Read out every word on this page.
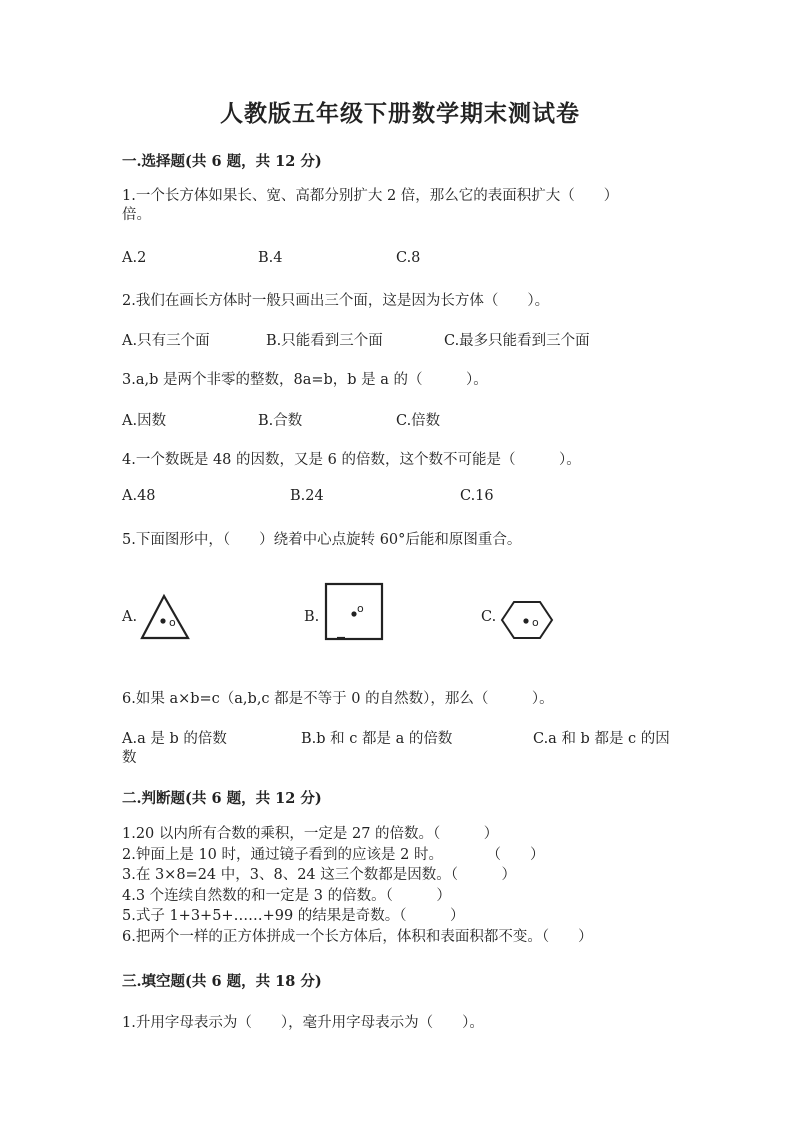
人教版五年级下册数学期末测试卷
一.选择题(共 6 题，共 12 分)
1.一个长方体如果长、宽、高都分别扩大 2 倍，那么它的表面积扩大（　　）
倍。
A.2	B.4	C.8
2.我们在画长方体时一般只画出三个面，这是因为长方体（　　）。
A.只有三个面	B.只能看到三个面	C.最多只能看到三个面
3.a,b 是两个非零的整数，8a=b，b 是 a 的（　　　）。
A.因数	B.合数	C.倍数
4.一个数既是 48 的因数，又是 6 的倍数，这个数不可能是（　　　）。
A.48	B.24	C.16
5.下面图形中，（　　）绕着中心点旋转 60°后能和原图重合。
A.	o	B.
o
C.	o
6.如果 a×b=c（a,b,c 都是不等于 0 的自然数），那么（　　　）。
A.a 是 b 的倍数	B.b 和 c 都是 a 的倍数	C.a 和 b 都是 c 的因
数
二.判断题(共 6 题，共 12 分)
1.20 以内所有合数的乘积，一定是 27 的倍数。（　　　）
2.钟面上是 10 时，通过镜子看到的应该是 2 时。　　　　（　　）
3.在 3×8=24 中，3、8、24 这三个数都是因数。（　　　）
4.3 个连续自然数的和一定是 3 的倍数。（　　　）
5.式子 1+3+5+……+99 的结果是奇数。（　　　）
6.把两个一样的正方体拼成一个长方体后，体积和表面积都不变。（　　）
三.填空题(共 6 题，共 18 分)
1.升用字母表示为（　　），毫升用字母表示为（　　）。
